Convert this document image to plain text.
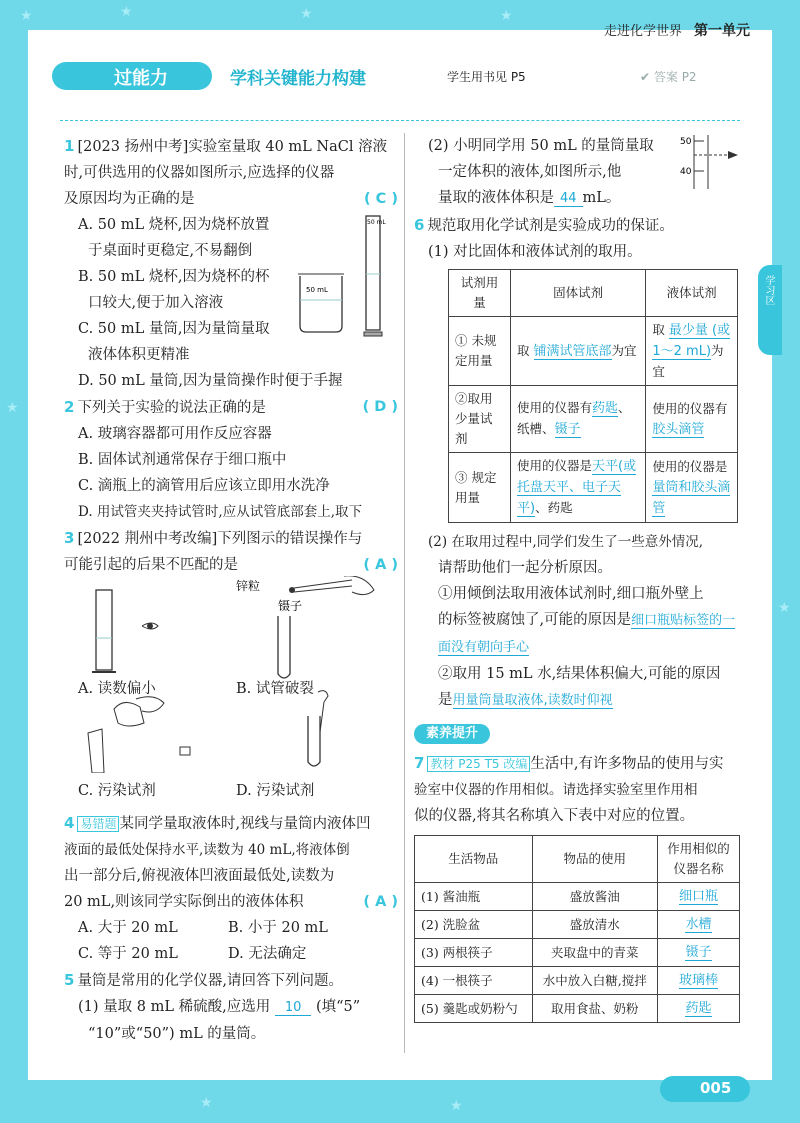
★	★	★	★
★
★
★	★
走进化学世界 第一单元
过能力	学科关键能力构建	学生用书见 P5	✔ 答案 P2
学习区

1 [2023 扬州中考]实验室量取 40 mL NaCl 溶液

时,可供选用的仪器如图所示,应选择的仪器

及原因均为正确的是	( C )

A. 50 mL 烧杯,因为烧杯放置

于桌面时更稳定,不易翻倒

B. 50 mL 烧杯,因为烧杯的杯

口较大,便于加入溶液

C. 50 mL 量筒,因为量筒量取

液体体积更精准

50 mL
50 mL

D. 50 mL 量筒,因为量筒操作时便于手握

2 下列关于实验的说法正确的是	( D )

A. 玻璃容器都可用作反应容器

B. 固体试剂通常保存于细口瓶中

C. 滴瓶上的滴管用后应该立即用水洗净

D. 用试管夹夹持试管时,应从试管底部套上,取下

3 [2022 荆州中考改编]下列图示的错误操作与

可能引起的后果不匹配的是	( A )

锌粒
镊子

A. 读数偏小	B. 试管破裂

C. 污染试剂	D. 污染试剂

4 易错题 某同学量取液体时,视线与量筒内液体凹

液面的最低处保持水平,读数为 40 mL,将液体倒

出一部分后,俯视液体凹液面最低处,读数为

20 mL,则该同学实际倒出的液体体积	( A )

A. 大于 20 mL	B. 小于 20 mL

C. 等于 20 mL	D. 无法确定

5 量筒是常用的化学仪器,请回答下列问题。

(1) 量取 8 mL 稀硫酸,应选用 10 (填“5”

“10”或“50”) mL 的量筒。

(2) 小明同学用 50 mL 的量筒量取

一定体积的液体,如图所示,他

量取的液体体积是 44 mL。

50
40

6 规范取用化学试剂是实验成功的保证。

(1) 对比固体和液体试剂的取用。

试剂用量	固体试剂	液体试剂
① 未规定用量	取 铺满试管底部为宜	取 最少量 (或 1～2 mL)为宜
②取用少量试剂	使用的仪器有药匙、纸槽、镊子	使用的仪器有 胶头滴管
③ 规定用量	使用的仪器是天平(或托盘天平、电子天平)、药匙	使用的仪器是 量筒和胶头滴管

(2) 在取用过程中,同学们发生了一些意外情况,

请帮助他们一起分析原因。

①用倾倒法取用液体试剂时,细口瓶外壁上

的标签被腐蚀了,可能的原因是细口瓶贴标签的一面没有朝向手心

②取用 15 mL 水,结果体积偏大,可能的原因

是用量筒量取液体,读数时仰视

素养提升

7 教材 P25 T5 改编 生活中,有许多物品的使用与实

验室中仪器的作用相似。请选择实验室里作用相

似的仪器,将其名称填入下表中对应的位置。

生活物品	物品的使用	作用相似的仪器名称
(1) 酱油瓶	盛放酱油	细口瓶
(2) 洗脸盆	盛放清水	水槽
(3) 两根筷子	夹取盘中的青菜	镊子
(4) 一根筷子	水中放入白糖,搅拌	玻璃棒
(5) 羹匙或奶粉勺	取用食盐、奶粉	药匙
005
